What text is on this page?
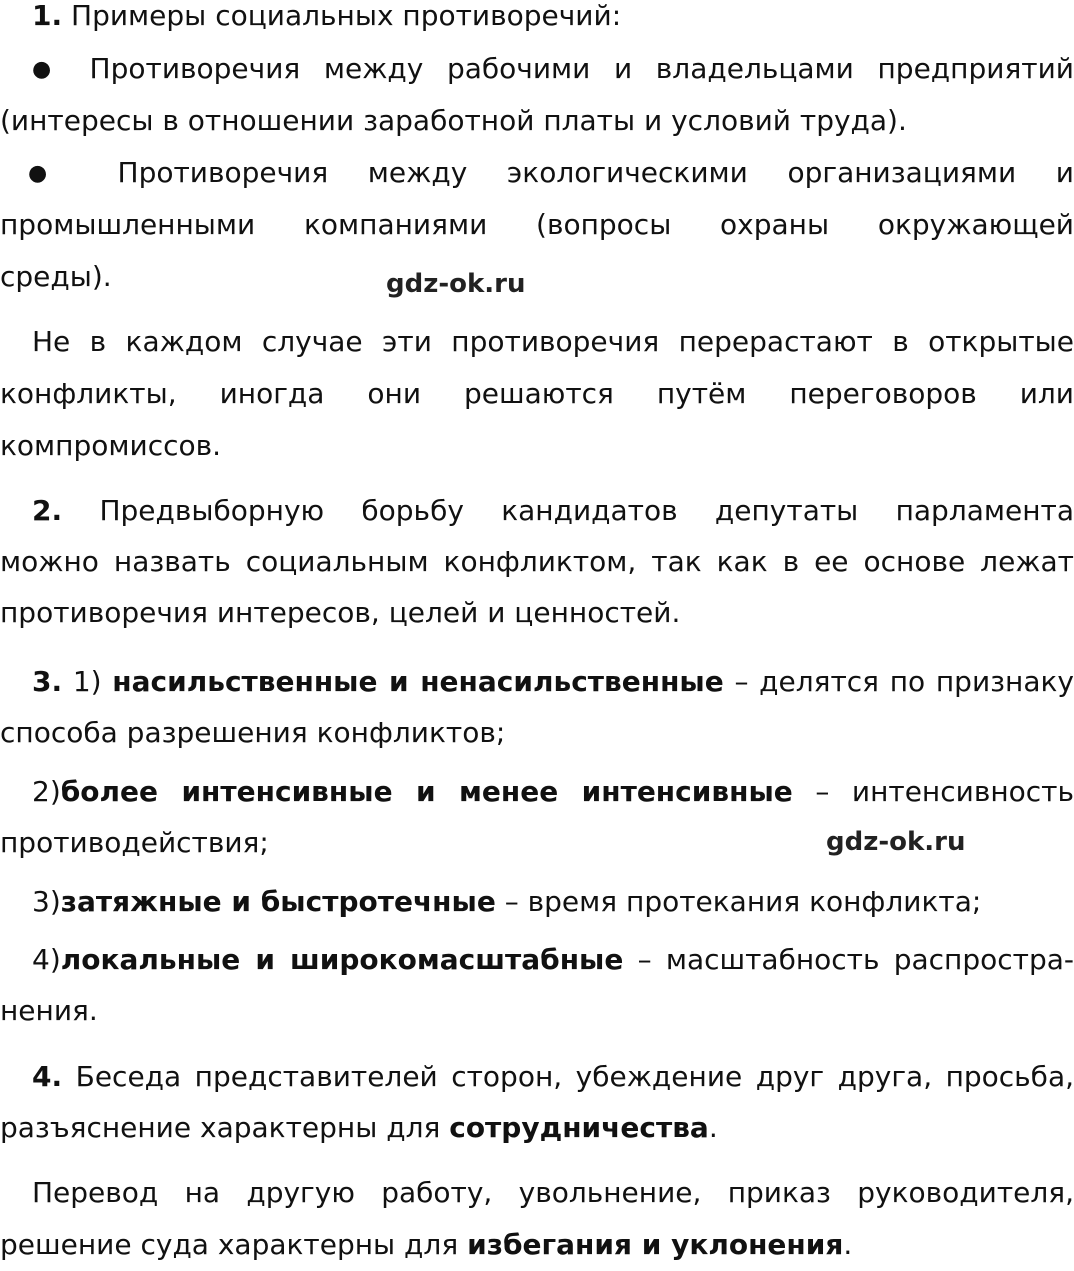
1. Примеры социальных противоречий:
● Противоречия между рабочими и владельцами предприятий
(интересы в отношении заработной платы и условий труда).
● Противоречия между экологическими организациями и
промышленными компаниями (вопросы охраны окружающей
среды).	gdz-ok.ru
Не в каждом случае эти противоречия перерастают в открытые
конфликты, иногда они решаются путём переговоров или
компромиссов.
2. Предвыборную борьбу кандидатов депутаты парламента
можно назвать социальным конфликтом, так как в ее основе лежат
противоречия интересов, целей и ценностей.
3. 1) насильственные и ненасильственные – делятся по признаку
способа разрешения конфликтов;
2)более интенсивные и менее интенсивные – интенсивность
противодействия;	gdz-ok.ru
3)затяжные и быстротечные – время протекания конфликта;
4)локальные и широкомасштабные – масштабность распростра-
нения.
4. Беседа представителей сторон, убеждение друг друга, просьба,
разъяснение характерны для сотрудничества.
Перевод на другую работу, увольнение, приказ руководителя,
решение суда характерны для избегания и уклонения.
